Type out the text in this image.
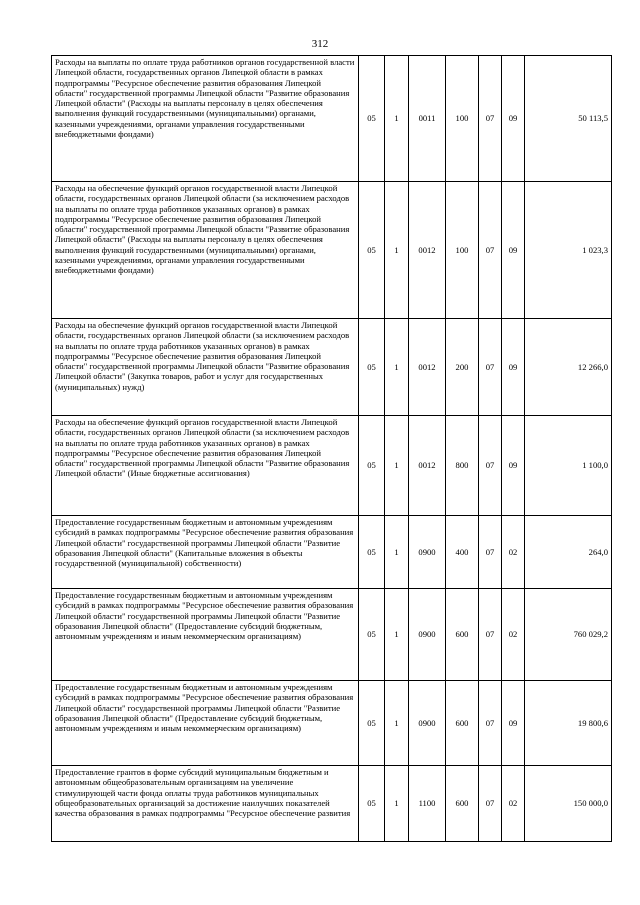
312
Расходы на выплаты по оплате труда работников органов государственной власти Липецкой области, государственных органов Липецкой области в рамках подпрограммы "Ресурсное обеспечение развития образования Липецкой области" государственной программы Липецкой области "Развитие образования Липецкой области" (Расходы на выплаты персоналу в целях обеспечения выполнения функций государственными (муниципальными) органами, казенными учреждениями, органами управления государственными внебюджетными фондами)	05	1	0011	100	07	09	50 113,5
Расходы на обеспечение функций органов государственной власти Липецкой области, государственных органов Липецкой области (за исключением расходов на выплаты по оплате труда работников указанных органов) в рамках подпрограммы "Ресурсное обеспечение развития образования Липецкой области" государственной программы Липецкой области "Развитие образования Липецкой области" (Расходы на выплаты персоналу в целях обеспечения выполнения функций государственными (муниципальными) органами, казенными учреждениями, органами управления государственными внебюджетными фондами)	05	1	0012	100	07	09	1 023,3
Расходы на обеспечение функций органов государственной власти Липецкой области, государственных органов Липецкой области (за исключением расходов на выплаты по оплате труда работников указанных органов) в рамках подпрограммы "Ресурсное обеспечение развития образования Липецкой области" государственной программы Липецкой области "Развитие образования Липецкой области" (Закупка товаров, работ и услуг для государственных (муниципальных) нужд)	05	1	0012	200	07	09	12 266,0
Расходы на обеспечение функций органов государственной власти Липецкой области, государственных органов Липецкой области (за исключением расходов на выплаты по оплате труда работников указанных органов) в рамках подпрограммы "Ресурсное обеспечение развития образования Липецкой области" государственной программы Липецкой области "Развитие образования Липецкой области" (Иные бюджетные ассигнования)	05	1	0012	800	07	09	1 100,0
Предоставление государственным бюджетным и автономным учреждениям субсидий в рамках подпрограммы "Ресурсное обеспечение развития образования Липецкой области" государственной программы Липецкой области "Развитие образования Липецкой области" (Капитальные вложения в объекты государственной (муниципальной) собственности)	05	1	0900	400	07	02	264,0
Предоставление государственным бюджетным и автономным учреждениям субсидий в рамках подпрограммы "Ресурсное обеспечение развития образования Липецкой области" государственной программы Липецкой области "Развитие образования Липецкой области" (Предоставление субсидий бюджетным, автономным учреждениям и иным некоммерческим организациям)	05	1	0900	600	07	02	760 029,2
Предоставление государственным бюджетным и автономным учреждениям субсидий в рамках подпрограммы "Ресурсное обеспечение развития образования Липецкой области" государственной программы Липецкой области "Развитие образования Липецкой области" (Предоставление субсидий бюджетным, автономным учреждениям и иным некоммерческим организациям)	05	1	0900	600	07	09	19 800,6
Предоставление грантов в форме субсидий муниципальным бюджетным и автономным общеобразовательным организациям на увеличение стимулирующей части фонда оплаты труда работников муниципальных общеобразовательных организаций за достижение наилучших показателей качества образования в рамках подпрограммы "Ресурсное обеспечение развития	05	1	1100	600	07	02	150 000,0
